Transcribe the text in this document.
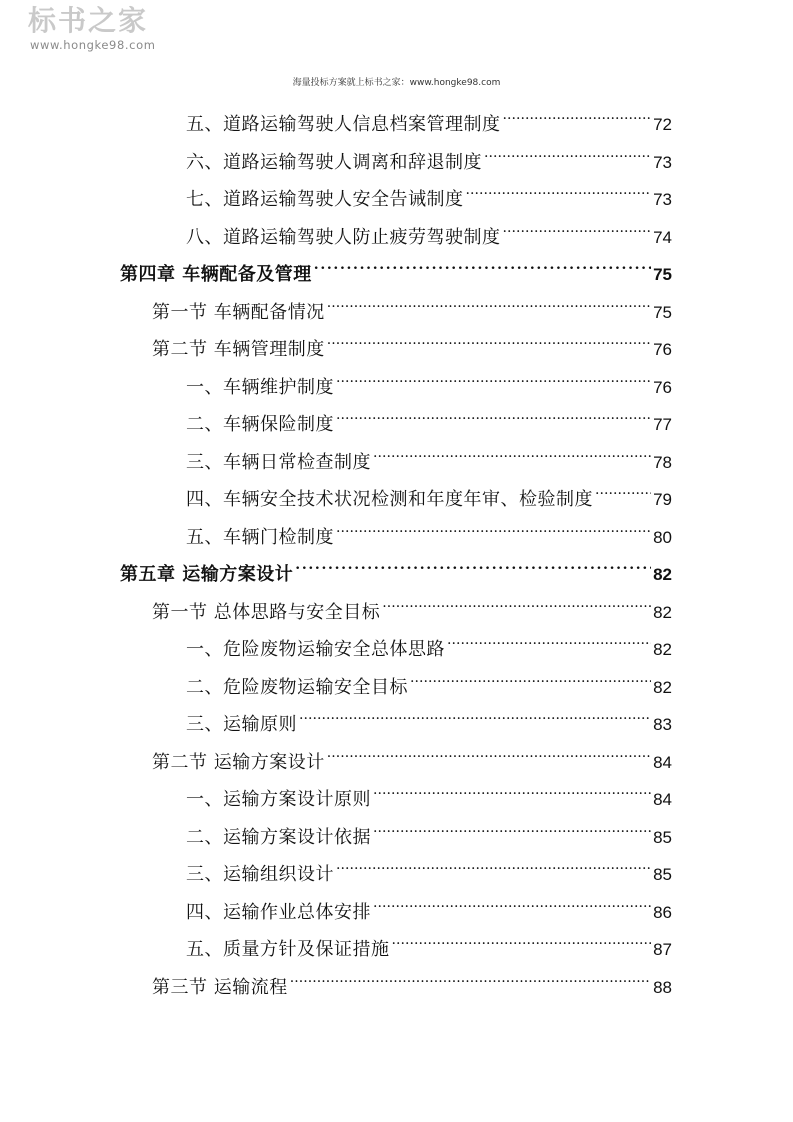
标书之家
www.hongke98.com
海量投标方案就上标书之家：www.hongke98.com
五、道路运输驾驶人信息档案管理制度 . . .	72
六、道路运输驾驶人调离和辞退制度 . . .	73
七、道路运输驾驶人安全告诫制度 . . .	73
八、道路运输驾驶人防止疲劳驾驶制度 . . .	74
第四章 车辆配备及管理 . . .	75
第一节 车辆配备情况 . . .	75
第二节 车辆管理制度 . . .	76
一、车辆维护制度 . . .	76
二、车辆保险制度 . . .	77
三、车辆日常检查制度 . . .	78
四、车辆安全技术状况检测和年度年审、检验制度 . . .	79
五、车辆门检制度 . . .	80
第五章 运输方案设计 . . .	82
第一节 总体思路与安全目标 . . .	82
一、危险废物运输安全总体思路 . . .	82
二、危险废物运输安全目标 . . .	82
三、运输原则 . . .	83
第二节 运输方案设计 . . .	84
一、运输方案设计原则 . . .	84
二、运输方案设计依据 . . .	85
三、运输组织设计 . . .	85
四、运输作业总体安排 . . .	86
五、质量方针及保证措施 . . .	87
第三节 运输流程 . . .	88
